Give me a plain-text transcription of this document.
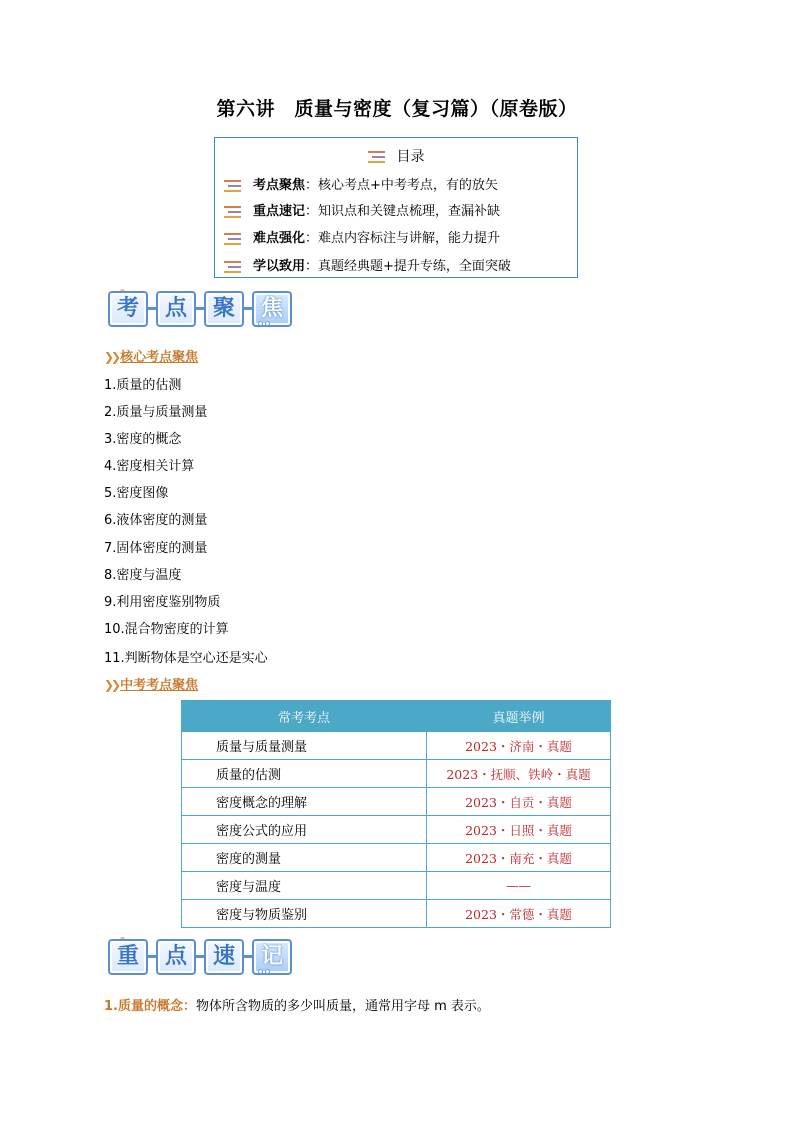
第六讲　质量与密度（复习篇）（原卷版）
目录
考点聚焦：核心考点+中考考点，有的放矢
重点速记：知识点和关键点梳理，查漏补缺
难点强化：难点内容标注与讲解，能力提升
学以致用：真题经典题+提升专练，全面突破
考	点	聚	焦
❯❯ 核心考点聚焦
1.质量的估测
2.质量与质量测量
3.密度的概念
4.密度相关计算
5.密度图像
6.液体密度的测量
7.固体密度的测量
8.密度与温度
9.利用密度鉴别物质
10.混合物密度的计算
11.判断物体是空心还是实心
❯❯ 中考考点聚焦
常考考点	真题举例
质量与质量测量	2023・济南・真题
质量的估测	2023・抚顺、铁岭・真题
密度概念的理解	2023・自贡・真题
密度公式的应用	2023・日照・真题
密度的测量	2023・南充・真题
密度与温度	——
密度与物质鉴别	2023・常德・真题
重	点	速	记
1.质量的概念：物体所含物质的多少叫质量，通常用字母 m 表示。
